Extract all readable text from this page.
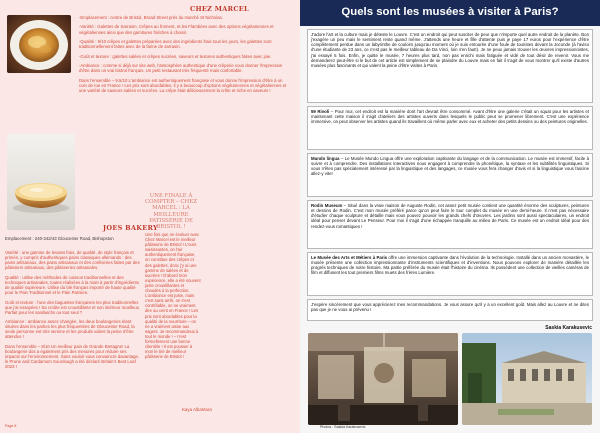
CHEZ MARCEL

-Emplacement : centre de Bristol, Broad Street près du marché St Nicholas.

-Variété : Galettes de Sarrasin, Crêpes au froment, et les Flambées avec des options végétariennes et végétaliennes ainsi que des garnitures fraîches à choisir.

-Qualité : 9/10 crêpes et galettes préparées avec des ingrédients frais tous les jours, les galettes sont traditionnellement faites avec de la farine de sarrasin.

-Goût et texture : galettes salées et crêpes sucrées, saveurs et textures authentiques faites avec joie.

-Ambiance : comme si déjà sur site web, l'atmosphère authentique d'une crêperie vous donner l'impression d'être dans un vrai bistrot français. Un petit restaurant très fréquenté mais confortable.

Dans l'ensemble – 9.5/10 L'ambiance est authentiquement française et vous donne l'impression d'être à un coin de rue en France ! Les prix sont abordables, il y a beaucoup d'options végétariennes et végétaliennes et une variété de saveurs salées et sucrées. La crêpe était délicieusement la crête et riche en saveurs !

JOES BAKERY
Emplacement : 240-242/43 Gloucester Road, Bishopston

Variété : une gamme de levains frais, de qualité, de style français et primés, y compris d'authentiques pains classiques allemands : des pains artisanaux, des pains artisanaux et des confiseries faites par des pâtissiers artisanaux, des pâtisseries artisanales.

Qualité : utilise des méthodes de cuisson traditionnelles et des techniques artisanales, toutes réalisées à la main à partir d'ingrédients de qualité supérieure. Utilise du blé français importé de haute qualité pour le Pain Traditionnel et le Pain Parisien.

Goût et texture : l'une des baguettes françaises les plus traditionnelles que j'ai essayées ! Sa croûte est croustillante et son intérieur moelleux. Parfait pour les sandwichs ou tout seul ?

Ambiance : ambiance assez changée, les deux boulangeries étant situées dans les parties les plus fréquentées de Gloucester Road, la seule personne est très sereine et les produits valent la peine d'être attendus !

Dans l'ensemble – 8/10 Un meilleur pain de Grande Bretagne! La boulangerie dos a également pris des mesures pour réduire ses impacts sur l'environnement. Sans vouloir vous convaincre davantage, le Prune and Cardamom Sourdough a été déclaré Britain's Best Loaf 2023 !

UNE FINALE À COMPTER – CHEZ MARCEL : LA MEILLEURE PATISSERIE DE BRISTOL !
Une fois que on évoluer avec Chez Marcel est le meilleur pâtisserie de Bristol ! L'ours saisissantes, on l'air authentiquement française, on constitue des crêpes et des galettes, donc j'y ai une gamme de salées et de sucrées ! D'abord mon expérience, elle a été souvent juste croustillantes et chaudes à la perfection. L'ambiance est juste, mais c'est sans arrêt, on s'est contrôlable, on ne vraiment dire au ceint en France ! Les prix sont abordables pour la qualité de la nourriture – on ne a vraiment aisse aux sagent. Je recommanderai à tout le monde ! – n'est formellement une bonne clientèle ! Il est pousser à mon le tiré de mellieur pâtisserie de Bristol !
Kaya Albantara
Page 8
Quels sont les musées à visiter à Paris?
J'adore l'art et la culture mais je déteste le Louvre. C'est un endroit qui peut susciter de peur que n'importe quel autre endroit de la planète. Bon j'exagère un peu mais le sentiment reste quand même. J'attends une heure et fille d'attente puis je paye 17 euros pour l'expérience d'être complètement perdue dans un labyrinthe de couloirs jusqu'au moment où je suis entourée d'une foule de touristes devant la Joconde (à l'aviso d'une étudiante de 23 ans, ce n'est pas le meilleur tableau de Da Vinci, loin s'en faut!). Je ne peux jamais trouver les œuvres impressionnistes, j'ai essayé 5 fois. Enfin, je quitte le musée, 7 heures plus tard, non pas enrichi mais fatiguée et vidé de tout désir de revenir. Vous me demanderez peut-être si le but de cet article est simplement de se plaindre du Louvre mais en fait il s'agit de vous montrer qu'il existe d'autres musées plus fascinants et qui valent la peine d'être visites à Paris.
59 Rivoli – Pour moi, cet endroit est la manière dont l'art devrait être consommé. Avant d'être une galerie c'était un squat pour les artistes et maintenant cette maison il s'agit d'ateliers des artistes ouverts dans lesquels le public peut se promener librement. C'est une expérience immersive, on peut observer les artistes quand ils travaillent où même parler avec eux et acheter des petits dessins ou des peintures originelles.
Mundo lingua – Le Musée Mundo Lingua offre une exploration captivante du langage et de la communication. Le musée est immersif, facile à suivre et à comprendre. Des installations interactives nous engagent à comprendre la phonétique, la syntaxe et les subtilités linguistiques. Si vous n'êtes pas spécialement intéressé par la linguistique et des langages, ce musée vous fera changer d'avis et si la linguistique vous fascine allez-y vite!
Rodin Museum – Situé dans la vraie maison de Auguste Rodin, cet assez petit musée contient une quantité énorme des sculptures, peintures et dessins de Rodin. C'est mon musée préféré parce qu'on peut faire le tour complet du musée en une demi-heure. Il n'est pas nécessaire d'étudier chaque sculpture et détaille mais vous pouvez pouvoir les grands chefs d'œuvres. Les jardins sont aussi spectaculaires, un endroit idéal pour penser devant Le Penseur. Pour moi il s'agit d'une échappée tranquille au milieu de Paris. Ce musée est un endroit idéal pour des rendez-vous romantiques !
Le Musée des Arts et Métiers à Paris offre une immersion captivante dans l'évolution de la technologie. Installé dans un ancien monastère, le musée présente une collection impressionnante d'instruments scientifiques et d'inventions. Nous pouvons explorer de manière détaillée les progrès techniques de notre histoire. Ma partie préférée du musée était l'histoire du cinéma. Ils possèdent une collection de vieilles caméras de film et diffusent les tout premiers films muets des frères Lumière.
J'espère sincèrement que vous apprécierez mes recommandations. Je vous assure qu'il y a un excellent goût. Mais allez au Louvre et ne dites pas que je ne vous ai prévenu !
Saskia Karakusevic
Photos : Saskia Karakusevic
